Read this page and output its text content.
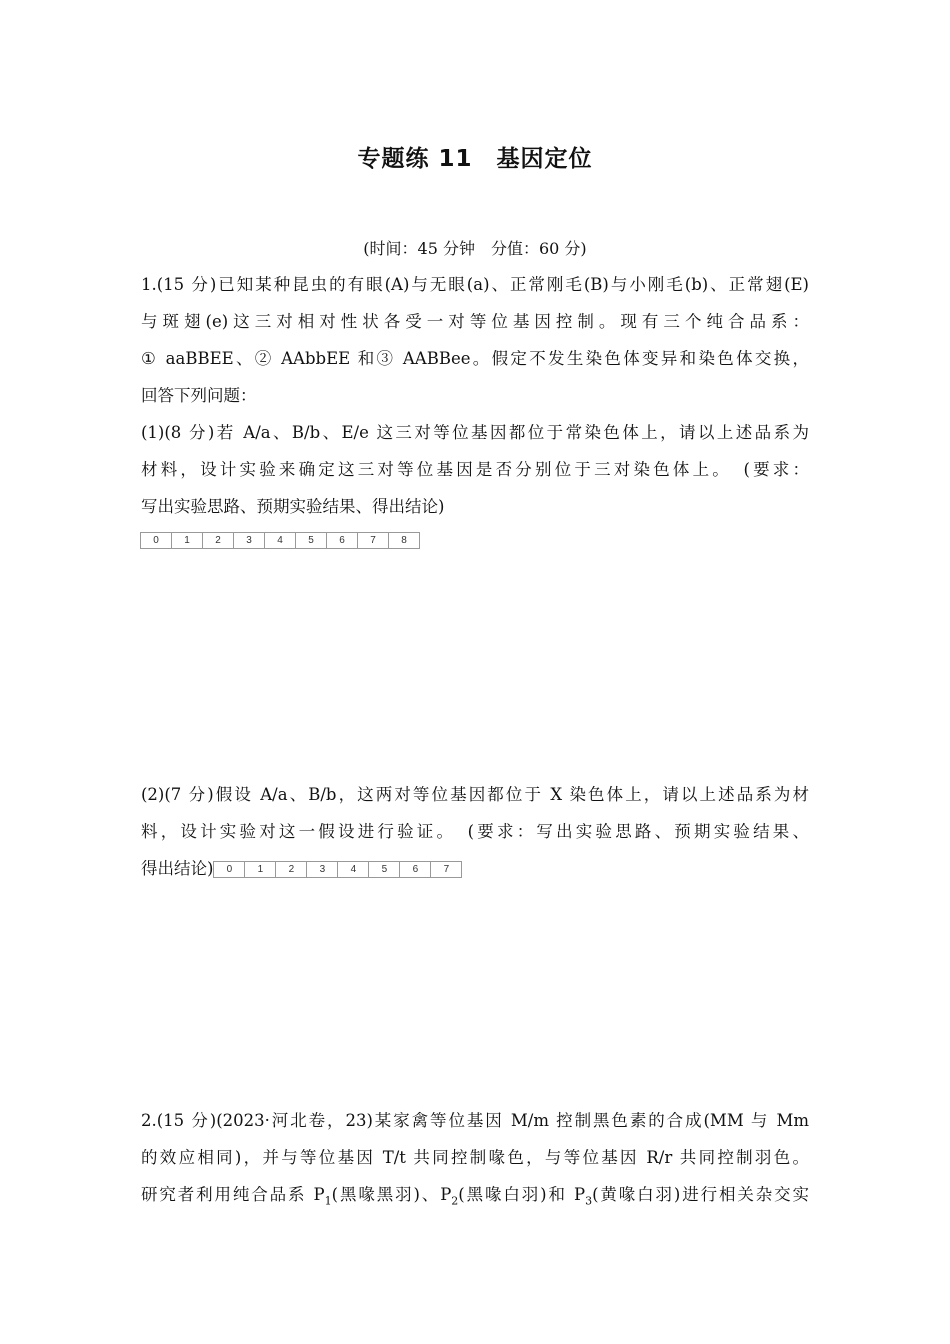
专题练 11　基因定位
(时间：45 分钟　分值：60 分)
1.(15 分)已知某种昆虫的有眼(A)与无眼(a)、正常刚毛(B)与小刚毛(b)、正常翅(E)
与斑翅(e)这三对相对性状各受一对等位基因控制。现有三个纯合品系：
① aaBBEE、② AAbbEE 和③ AABBee。假定不发生染色体变异和染色体交换，
回答下列问题：
(1)(8 分)若 A/a、B/b、E/e 这三对等位基因都位于常染色体上，请以上述品系为
材料，设计实验来确定这三对等位基因是否分别位于三对染色体上。　(要求：
写出实验思路、预期实验结果、得出结论)
0	1	2	3	4	5	6	7	8
(2)(7 分)假设 A/a、B/b，这两对等位基因都位于 X 染色体上，请以上述品系为材
料，设计实验对这一假设进行验证。　(要求：写出实验思路、预期实验结果、
得出结论)	0	1	2	3	4	5	6	7
2.(15 分)(2023·河北卷，23)某家禽等位基因 M/m 控制黑色素的合成(MM 与 Mm
的效应相同)，并与等位基因 T/t 共同控制喙色，与等位基因 R/r 共同控制羽色。
研究者利用纯合品系 $P_1$(黑喙黑羽)、$P_2$(黑喙白羽)和 $P_3$(黄喙白羽)进行相关杂交实
